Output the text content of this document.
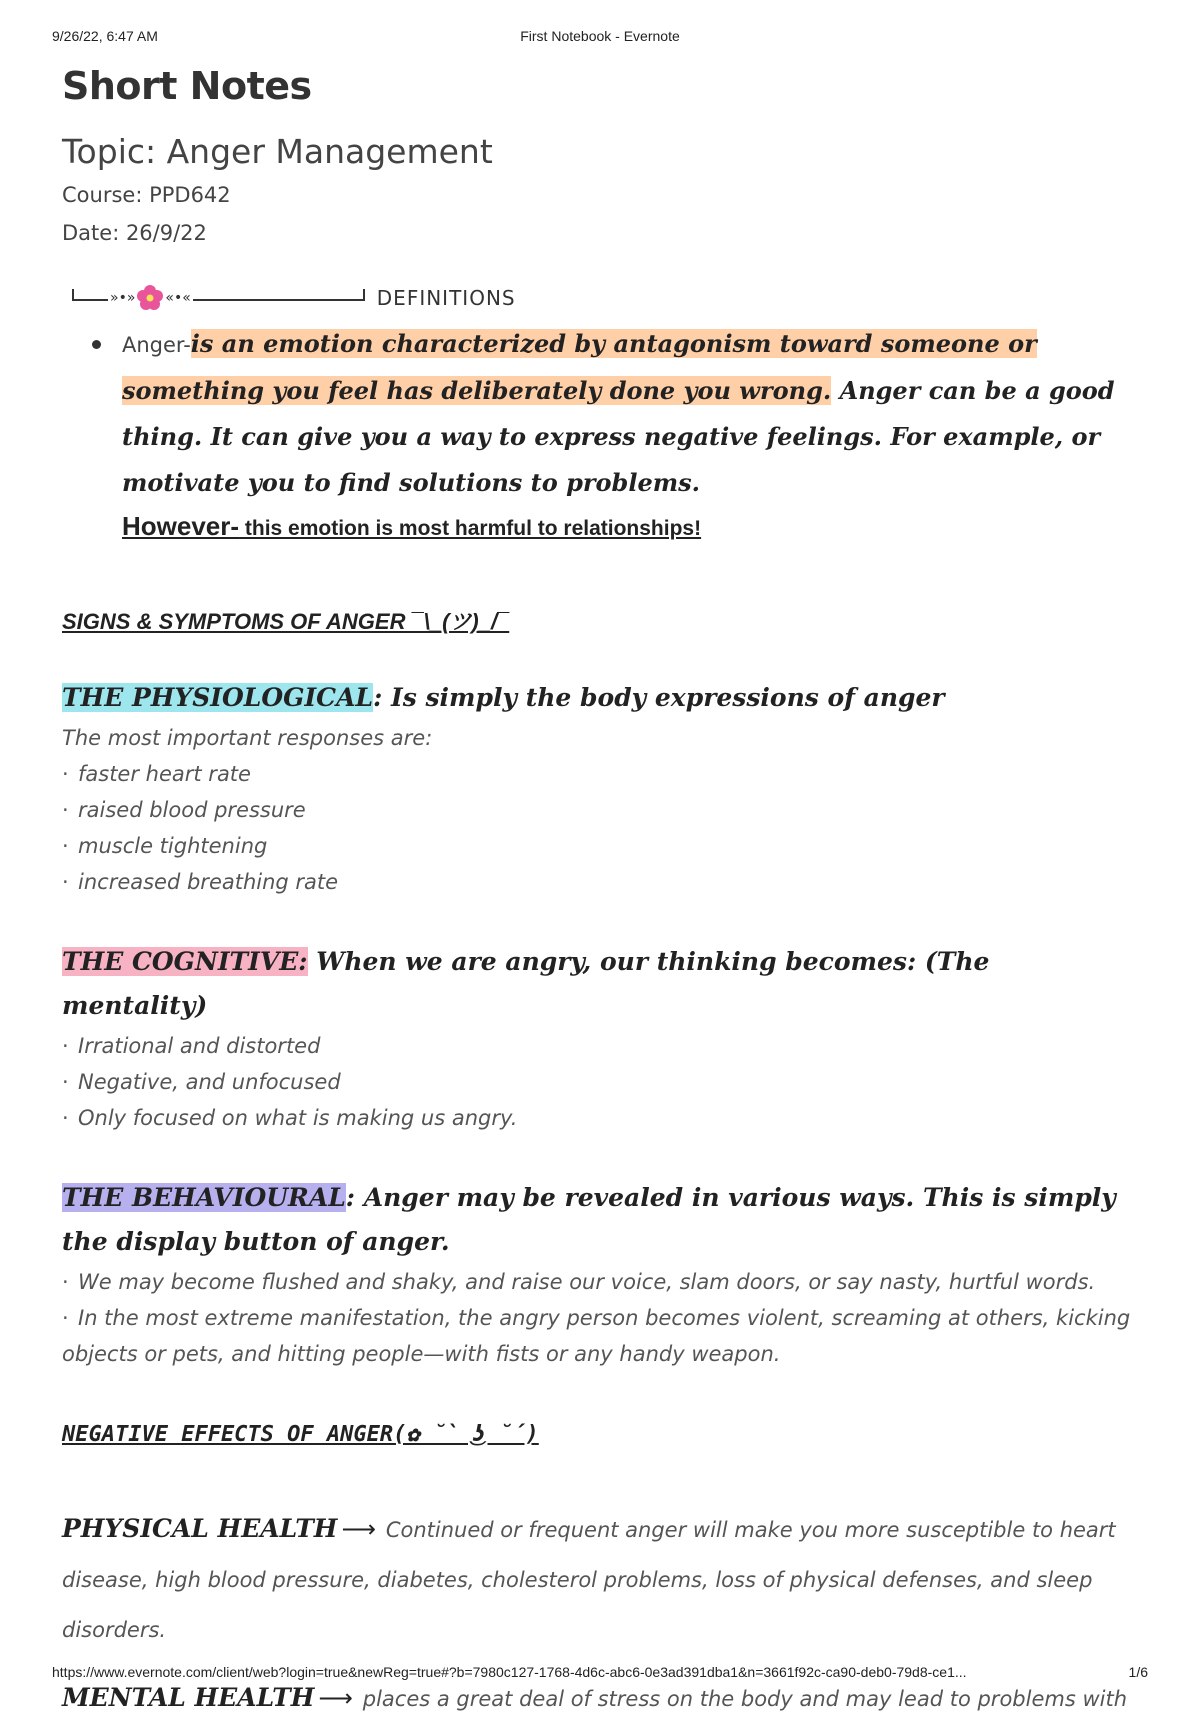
9/26/22, 6:47 AM	First Notebook - Evernote
Short Notes
Topic: Anger Management
Course: PPD642
Date: 26/9/22
»•» «•«	DEFINITIONS
Anger-is an emotion characterized by antagonism toward someone or something you feel has deliberately done you wrong. Anger can be a good thing. It can give you a way to express negative feelings. For example, or motivate you to find solutions to problems.
However- this emotion is most harmful to relationships!
SIGNS & SYMPTOMS OF ANGER ¯\_(ツ)_/¯
THE PHYSIOLOGICAL: Is simply the body expressions of anger
The most important responses are:
· faster heart rate
· raised blood pressure
· muscle tightening
· increased breathing rate
THE COGNITIVE: When we are angry, our thinking becomes: (The mentality)
· Irrational and distorted
· Negative, and unfocused
· Only focused on what is making us angry.
THE BEHAVIOURAL: Anger may be revealed in various ways. This is simply the display button of anger.
· We may become flushed and shaky, and raise our voice, slam doors, or say nasty, hurtful words.
· In the most extreme manifestation, the angry person becomes violent, screaming at others, kicking objects or pets, and hitting people—with fists or any handy weapon.
NEGATIVE EFFECTS OF ANGER(✿ ˘̀ ͜ʖ ˘́)
PHYSICAL HEALTH ⟶ Continued or frequent anger will make you more susceptible to heart disease, high blood pressure, diabetes, cholesterol problems, loss of physical defenses, and sleep disorders.
MENTAL HEALTH ⟶ places a great deal of stress on the body and may lead to problems with
https://www.evernote.com/client/web?login=true&newReg=true#?b=7980c127-1768-4d6c-abc6-0e3ad391dba1&n=3661f92c-ca90-deb0-79d8-ce1...	1/6
